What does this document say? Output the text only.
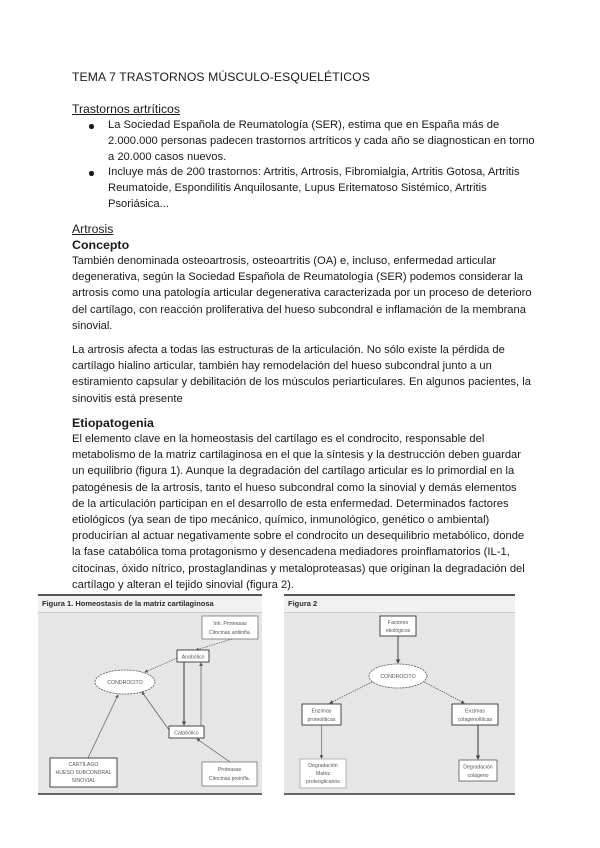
TEMA 7 TRASTORNOS MÚSCULO-ESQUELÉTICOS
Trastornos artríticos
La Sociedad Española de Reumatología (SER), estima que en España más de 2.000.000 personas padecen trastornos artríticos y cada año se diagnostican en torno a 20.000 casos nuevos.
Incluye más de 200 trastornos: Artritis, Artrosis, Fibromialgia, Artritis Gotosa, Artritis Reumatoide, Espondilitis Anquilosante, Lupus Eritematoso Sistémico, Artritis Psoriásica...
Artrosis
Concepto
También denominada osteoartrosis, osteoartritis (OA) e, incluso, enfermedad articular degenerativa, según la Sociedad Española de Reumatología (SER) podemos considerar la artrosis como una patología articular degenerativa caracterizada por un proceso de deterioro del cartílago, con reacción proliferativa del hueso subcondral e inflamación de la membrana sinovial.
La artrosis afecta a todas las estructuras de la articulación. No sólo existe la pérdida de cartílago hialino articular, también hay remodelación del hueso subcondral junto a un estiramiento capsular y debilitación de los músculos periarticulares. En algunos pacientes, la sinovitis está presente
Etiopatogenia
El elemento clave en la homeostasis del cartílago es el condrocito, responsable del metabolismo de la matriz cartilaginosa en el que la síntesis y la destrucción deben guardar un equilibrio (figura 1). Aunque la degradación del cartílago articular es lo primordial en la patogénesis de la artrosis, tanto el hueso subcondral como la sinovial y demás elementos de la articulación participan en el desarrollo de esta enfermedad. Determinados factores etiológicos (ya sean de tipo mecánico, químico, inmunológico, genético o ambiental) producirían al actuar negativamente sobre el condrocito un desequilibrio metabólico, donde la fase catabólica toma protagonismo y desencadena mediadores proinflamatorios (IL-1, citocinas, óxido nítrico, prostaglandinas y metaloproteasas) que originan la degradación del cartílago y alteran el tejido sinovial (figura 2).
Figura 1. Homeostasis de la matriz cartilaginosa
Inh. Proteasas
Citocinas antiinfla.
Anabólico
CONDROCITO
Catabólico
CARTÍLAGO
HUESO SUBCONDRAL
SINOVIAL
Proteasas
Citocinas proinfla.
Figura 2
Factores
etiológicos
CONDROCITO
Enzimas
proteolíticas
Enzimas
colagenolíticas
Degradación
Matriz
proteoglicanos
Degradación
colágeno
